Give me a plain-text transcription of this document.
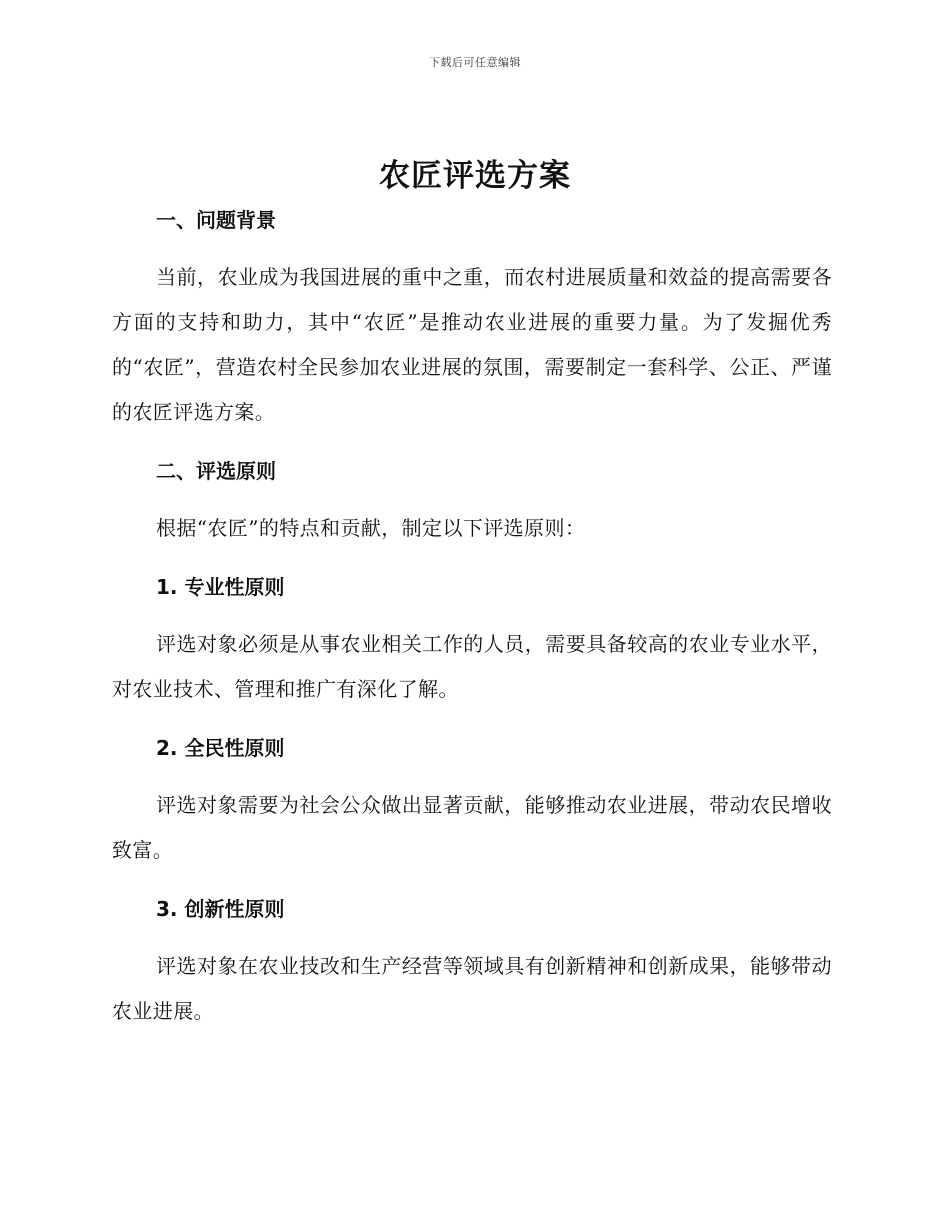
下载后可任意编辑
农匠评选方案
一、问题背景

当前，农业成为我国进展的重中之重，而农村进展质量和效益的提高需要各方面的支持和助力，其中“农匠”是推动农业进展的重要力量。为了发掘优秀的“农匠”，营造农村全民参加农业进展的氛围，需要制定一套科学、公正、严谨的农匠评选方案。

二、评选原则

根据“农匠”的特点和贡献，制定以下评选原则：

1. 专业性原则

评选对象必须是从事农业相关工作的人员，需要具备较高的农业专业水平，对农业技术、管理和推广有深化了解。

2. 全民性原则

评选对象需要为社会公众做出显著贡献，能够推动农业进展，带动农民增收致富。

3. 创新性原则

评选对象在农业技改和生产经营等领域具有创新精神和创新成果，能够带动农业进展。
